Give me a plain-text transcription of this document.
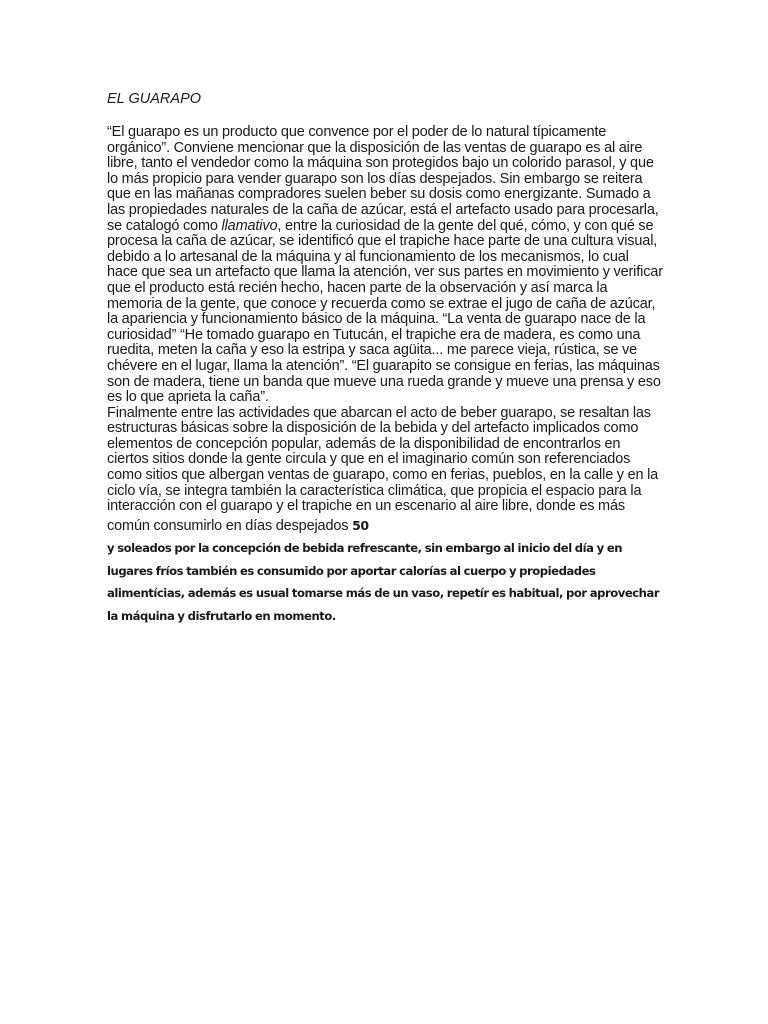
EL GUARAPO

“El guarapo es un producto que convence por el poder de lo natural típicamente orgánico”. Conviene mencionar que la disposición de las ventas de guarapo es al aire libre, tanto el vendedor como la máquina son protegidos bajo un colorido parasol, y que lo más propicio para vender guarapo son los días despejados. Sin embargo se reitera que en las mañanas compradores suelen beber su dosis como energizante. Sumado a las propiedades naturales de la caña de azúcar, está el artefacto usado para procesarla, se catalogó como llamativo, entre la curiosidad de la gente del qué, cómo, y con qué se procesa la caña de azúcar, se identificó que el trapiche hace parte de una cultura visual, debido a lo artesanal de la máquina y al funcionamiento de los mecanismos, lo cual hace que sea un artefacto que llama la atención, ver sus partes en movimiento y verificar que el producto está recién hecho, hacen parte de la observación y así marca la memoria de la gente, que conoce y recuerda como se extrae el jugo de caña de azúcar, la apariencia y funcionamiento básico de la máquina. “La venta de guarapo nace de la curiosidad” “He tomado guarapo en Tutucán, el trapiche era de madera, es como una ruedita, meten la caña y eso la estripa y saca agüita... me parece vieja, rústica, se ve chévere en el lugar, llama la atención”. “El guarapito se consigue en ferias, las máquinas son de madera, tiene un banda que mueve una rueda grande y mueve una prensa y eso es lo que aprieta la caña”.

Finalmente entre las actividades que abarcan el acto de beber guarapo, se resaltan las estructuras básicas sobre la disposición de la bebida y del artefacto implicados como elementos de concepción popular, además de la disponibilidad de encontrarlos en ciertos sitios donde la gente circula y que en el imaginario común son referenciados como sitios que albergan ventas de guarapo, como en ferias, pueblos, en la calle y en la ciclo vía, se integra también la característica climática, que propicia el espacio para la interacción con el guarapo y el trapiche en un escenario al aire libre, donde es más común consumirlo en días despejados 50

y soleados por la concepción de bebida refrescante, sin embargo al inicio del día y en lugares fríos también es consumido por aportar calorías al cuerpo y propiedades alimentícias, además es usual tomarse más de un vaso, repetír es habitual, por aprovechar la máquina y disfrutarlo en momento.
